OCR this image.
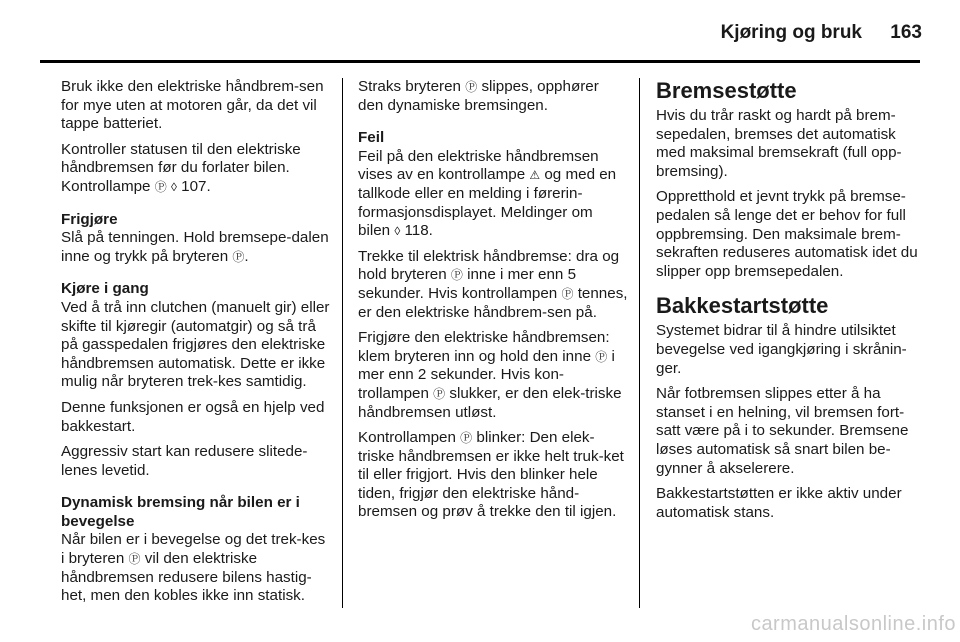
Kjøring og bruk 163

Bruk ikke den elektriske håndbrem-sen for mye uten at motoren går, da det vil tappe batteriet.

Kontroller statusen til den elektriske håndbremsen før du forlater bilen.
Kontrollampe Ⓟ ◊ 107.

Frigjøre

Slå på tenningen. Hold bremsepe-dalen inne og trykk på bryteren Ⓟ.

Kjøre i gang

Ved å trå inn clutchen (manuelt gir) eller skifte til kjøregir (automatgir) og så trå på gasspedalen frigjøres den elektriske håndbremsen automatisk. Dette er ikke mulig når bryteren trek-kes samtidig.

Denne funksjonen er også en hjelp ved bakkestart.

Aggressiv start kan redusere slitede-lenes levetid.

Dynamisk bremsing når bilen er i bevegelse

Når bilen er i bevegelse og det trek-kes i bryteren Ⓟ vil den elektriske håndbremsen redusere bilens hastig-het, men den kobles ikke inn statisk.

Straks bryteren Ⓟ slippes, opphører den dynamiske bremsingen.

Feil

Feil på den elektriske håndbremsen vises av en kontrollampe ⚠ og med en tallkode eller en melding i førerin-formasjonsdisplayet. Meldinger om bilen ◊ 118.

Trekke til elektrisk håndbremse: dra og hold bryteren Ⓟ inne i mer enn 5 sekunder. Hvis kontrollampen Ⓟ tennes, er den elektriske håndbrem-sen på.

Frigjøre den elektriske håndbremsen: klem bryteren inn og hold den inne Ⓟ i mer enn 2 sekunder. Hvis kon-trollampen Ⓟ slukker, er den elek-triske håndbremsen utløst.

Kontrollampen Ⓟ blinker: Den elek-triske håndbremsen er ikke helt truk-ket til eller frigjort. Hvis den blinker hele tiden, frigjør den elektriske hånd-bremsen og prøv å trekke den til igjen.

Bremsestøtte

Hvis du trår raskt og hardt på brem-sepedalen, bremses det automatisk med maksimal bremsekraft (full opp-bremsing).

Oppretthold et jevnt trykk på bremse-pedalen så lenge det er behov for full oppbremsing. Den maksimale brem-sekraften reduseres automatisk idet du slipper opp bremsepedalen.

Bakkestartstøtte

Systemet bidrar til å hindre utilsiktet bevegelse ved igangkjøring i skrånin-ger.

Når fotbremsen slippes etter å ha stanset i en helning, vil bremsen fort-satt være på i to sekunder. Bremsene løses automatisk så snart bilen be-gynner å akselerere.

Bakkestartstøtten er ikke aktiv under automatisk stans.

carmanualsonline.info
